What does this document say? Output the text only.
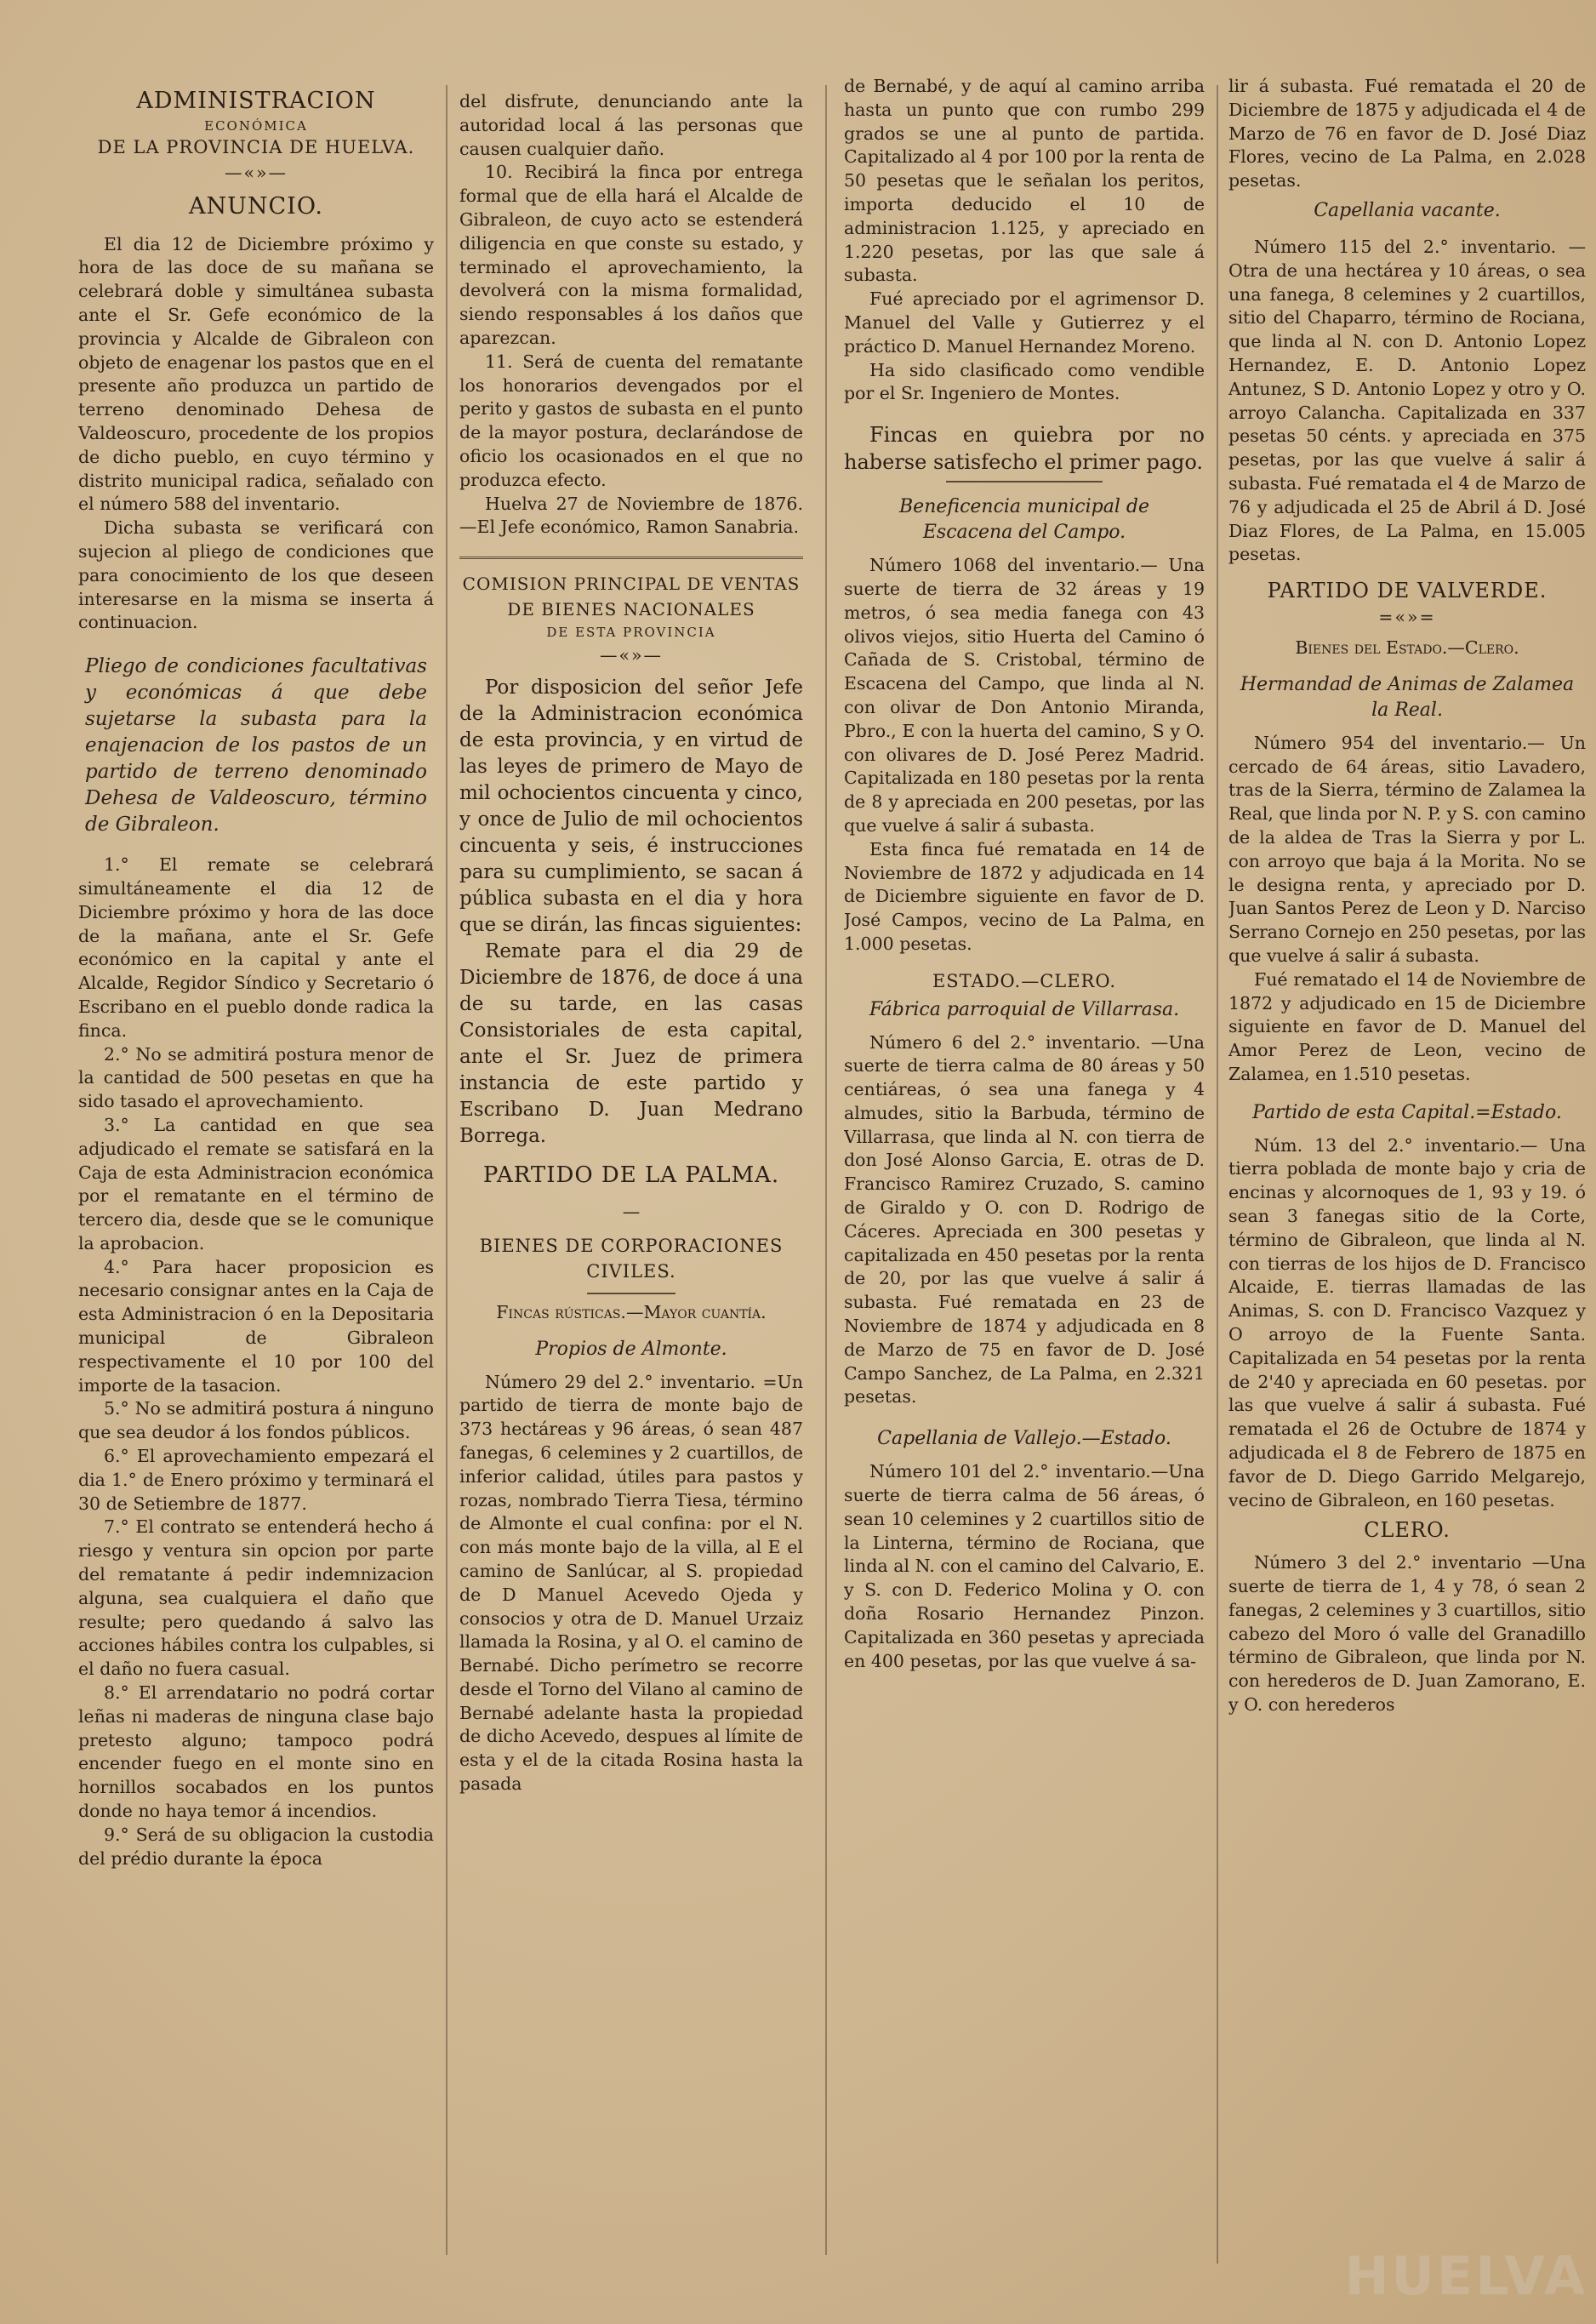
ADMINISTRACION

ECONÓMICA

DE LA PROVINCIA DE HUELVA.

—«»—

ANUNCIO.

El dia 12 de Diciembre próximo y hora de las doce de su mañana se celebrará doble y simultánea subasta ante el Sr. Gefe económico de la provincia y Alcalde de Gibraleon con objeto de enagenar los pastos que en el presente año produzca un partido de terreno denominado Dehesa de Valdeoscuro, procedente de los propios de dicho pueblo, en cuyo término y distrito municipal radica, señalado con el número 588 del inventario.

Dicha subasta se verificará con sujecion al pliego de condiciones que para conocimiento de los que deseen interesarse en la misma se inserta á continuacion.

Pliego de condiciones facultativas y económicas á que debe sujetarse la subasta para la enajenacion de los pastos de un partido de terreno denominado Dehesa de Valdeoscuro, término de Gibraleon.

1.° El remate se celebrará simultáneamente el dia 12 de Diciembre próximo y hora de las doce de la mañana, ante el Sr. Gefe económico en la capital y ante el Alcalde, Regidor Síndico y Secretario ó Escribano en el pueblo donde radica la finca.

2.° No se admitirá postura menor de la cantidad de 500 pesetas en que ha sido tasado el aprovechamiento.

3.° La cantidad en que sea adjudicado el remate se satisfará en la Caja de esta Administracion económica por el rematante en el término de tercero dia, desde que se le comunique la aprobacion.

4.° Para hacer proposicion es necesario consignar antes en la Caja de esta Administracion ó en la Depositaria municipal de Gibraleon respectivamente el 10 por 100 del importe de la tasacion.

5.° No se admitirá postura á ninguno que sea deudor á los fondos públicos.

6.° El aprovechamiento empezará el dia 1.° de Enero próximo y terminará el 30 de Setiembre de 1877.

7.° El contrato se entenderá hecho á riesgo y ventura sin opcion por parte del rematante á pedir indemnizacion alguna, sea cualquiera el daño que resulte; pero quedando á salvo las acciones hábiles contra los culpables, si el daño no fuera casual.

8.° El arrendatario no podrá cortar leñas ni maderas de ninguna clase bajo pretesto alguno; tampoco podrá encender fuego en el monte sino en hornillos socabados en los puntos donde no haya temor á incendios.

9.° Será de su obligacion la custodia del prédio durante la época

del disfrute, denunciando ante la autoridad local á las personas que causen cualquier daño.

10. Recibirá la finca por entrega formal que de ella hará el Alcalde de Gibraleon, de cuyo acto se estenderá diligencia en que conste su estado, y terminado el aprovechamiento, la devolverá con la misma formalidad, siendo responsables á los daños que aparezcan.

11. Será de cuenta del rematante los honorarios devengados por el perito y gastos de subasta en el punto de la mayor postura, declarándose de oficio los ocasionados en el que no produzca efecto.

Huelva 27 de Noviembre de 1876. —El Jefe económico, Ramon Sanabria.

COMISION PRINCIPAL DE VENTAS DE BIENES NACIONALES

DE ESTA PROVINCIA

—«»—

Por disposicion del señor Jefe de la Administracion económica de esta provincia, y en virtud de las leyes de primero de Mayo de mil ochocientos cincuenta y cinco, y once de Julio de mil ochocientos cincuenta y seis, é instrucciones para su cumplimiento, se sacan á pública subasta en el dia y hora que se dirán, las fincas siguientes:

Remate para el dia 29 de Diciembre de 1876, de doce á una de su tarde, en las casas Consistoriales de esta capital, ante el Sr. Juez de primera instancia de este partido y Escribano D. Juan Medrano Borrega.

PARTIDO DE LA PALMA.

—

BIENES DE CORPORACIONES CIVILES.

Fincas rústicas.—Mayor cuantía.

Propios de Almonte.

Número 29 del 2.° inventario. =Un partido de tierra de monte bajo de 373 hectáreas y 96 áreas, ó sean 487 fanegas, 6 celemines y 2 cuartillos, de inferior calidad, útiles para pastos y rozas, nombrado Tierra Tiesa, término de Almonte el cual confina: por el N. con más monte bajo de la villa, al E el camino de Sanlúcar, al S. propiedad de D Manuel Acevedo Ojeda y consocios y otra de D. Manuel Urzaiz llamada la Rosina, y al O. el camino de Bernabé. Dicho perímetro se recorre desde el Torno del Vilano al camino de Bernabé adelante hasta la propiedad de dicho Acevedo, despues al límite de esta y el de la citada Rosina hasta la pasada

de Bernabé, y de aquí al camino arriba hasta un punto que con rumbo 299 grados se une al punto de partida. Capitalizado al 4 por 100 por la renta de 50 pesetas que le señalan los peritos, importa deducido el 10 de administracion 1.125, y apreciado en 1.220 pesetas, por las que sale á subasta.

Fué apreciado por el agrimensor D. Manuel del Valle y Gutierrez y el práctico D. Manuel Hernandez Moreno.

Ha sido clasificado como vendible por el Sr. Ingeniero de Montes.

Fincas en quiebra por no haberse satisfecho el primer pago.

Beneficencia municipal de Escacena del Campo.

Número 1068 del inventario.— Una suerte de tierra de 32 áreas y 19 metros, ó sea media fanega con 43 olivos viejos, sitio Huerta del Camino ó Cañada de S. Cristobal, término de Escacena del Campo, que linda al N. con olivar de Don Antonio Miranda, Pbro., E con la huerta del camino, S y O. con olivares de D. José Perez Madrid. Capitalizada en 180 pesetas por la renta de 8 y apreciada en 200 pesetas, por las que vuelve á salir á subasta.

Esta finca fué rematada en 14 de Noviembre de 1872 y adjudicada en 14 de Diciembre siguiente en favor de D. José Campos, vecino de La Palma, en 1.000 pesetas.

ESTADO.—CLERO.

Fábrica parroquial de Villarrasa.

Número 6 del 2.° inventario. —Una suerte de tierra calma de 80 áreas y 50 centiáreas, ó sea una fanega y 4 almudes, sitio la Barbuda, término de Villarrasa, que linda al N. con tierra de don José Alonso Garcia, E. otras de D. Francisco Ramirez Cruzado, S. camino de Giraldo y O. con D. Rodrigo de Cáceres. Apreciada en 300 pesetas y capitalizada en 450 pesetas por la renta de 20, por las que vuelve á salir á subasta. Fué rematada en 23 de Noviembre de 1874 y adjudicada en 8 de Marzo de 75 en favor de D. José Campo Sanchez, de La Palma, en 2.321 pesetas.

Capellania de Vallejo.—Estado.

Número 101 del 2.° inventario.—Una suerte de tierra calma de 56 áreas, ó sean 10 celemines y 2 cuartillos sitio de la Linterna, término de Rociana, que linda al N. con el camino del Calvario, E. y S. con D. Federico Molina y O. con doña Rosario Hernandez Pinzon. Capitalizada en 360 pesetas y apreciada en 400 pesetas, por las que vuelve á sa-

lir á subasta. Fué rematada el 20 de Diciembre de 1875 y adjudicada el 4 de Marzo de 76 en favor de D. José Diaz Flores, vecino de La Palma, en 2.028 pesetas.

Capellania vacante.

Número 115 del 2.° inventario. —Otra de una hectárea y 10 áreas, o sea una fanega, 8 celemines y 2 cuartillos, sitio del Chaparro, término de Rociana, que linda al N. con D. Antonio Lopez Hernandez, E. D. Antonio Lopez Antunez, S D. Antonio Lopez y otro y O. arroyo Calancha. Capitalizada en 337 pesetas 50 cénts. y apreciada en 375 pesetas, por las que vuelve á salir á subasta. Fué rematada el 4 de Marzo de 76 y adjudicada el 25 de Abril á D. José Diaz Flores, de La Palma, en 15.005 pesetas.

PARTIDO DE VALVERDE.

=«»=

Bienes del Estado.—Clero.

Hermandad de Animas de Zalamea la Real.

Número 954 del inventario.— Un cercado de 64 áreas, sitio Lavadero, tras de la Sierra, término de Zalamea la Real, que linda por N. P. y S. con camino de la aldea de Tras la Sierra y por L. con arroyo que baja á la Morita. No se le designa renta, y apreciado por D. Juan Santos Perez de Leon y D. Narciso Serrano Cornejo en 250 pesetas, por las que vuelve á salir á subasta.

Fué rematado el 14 de Noviembre de 1872 y adjudicado en 15 de Diciembre siguiente en favor de D. Manuel del Amor Perez de Leon, vecino de Zalamea, en 1.510 pesetas.

Partido de esta Capital.=Estado.

Núm. 13 del 2.° inventario.— Una tierra poblada de monte bajo y cria de encinas y alcornoques de 1, 93 y 19. ó sean 3 fanegas sitio de la Corte, término de Gibraleon, que linda al N. con tierras de los hijos de D. Francisco Alcaide, E. tierras llamadas de las Animas, S. con D. Francisco Vazquez y O arroyo de la Fuente Santa. Capitalizada en 54 pesetas por la renta de 2'40 y apreciada en 60 pesetas. por las que vuelve á salir á subasta. Fué rematada el 26 de Octubre de 1874 y adjudicada el 8 de Febrero de 1875 en favor de D. Diego Garrido Melgarejo, vecino de Gibraleon, en 160 pesetas.

CLERO.

Número 3 del 2.° inventario —Una suerte de tierra de 1, 4 y 78, ó sean 2 fanegas, 2 celemines y 3 cuartillos, sitio cabezo del Moro ó valle del Granadillo término de Gibraleon, que linda por N. con herederos de D. Juan Zamorano, E. y O. con herederos

HUELVA
